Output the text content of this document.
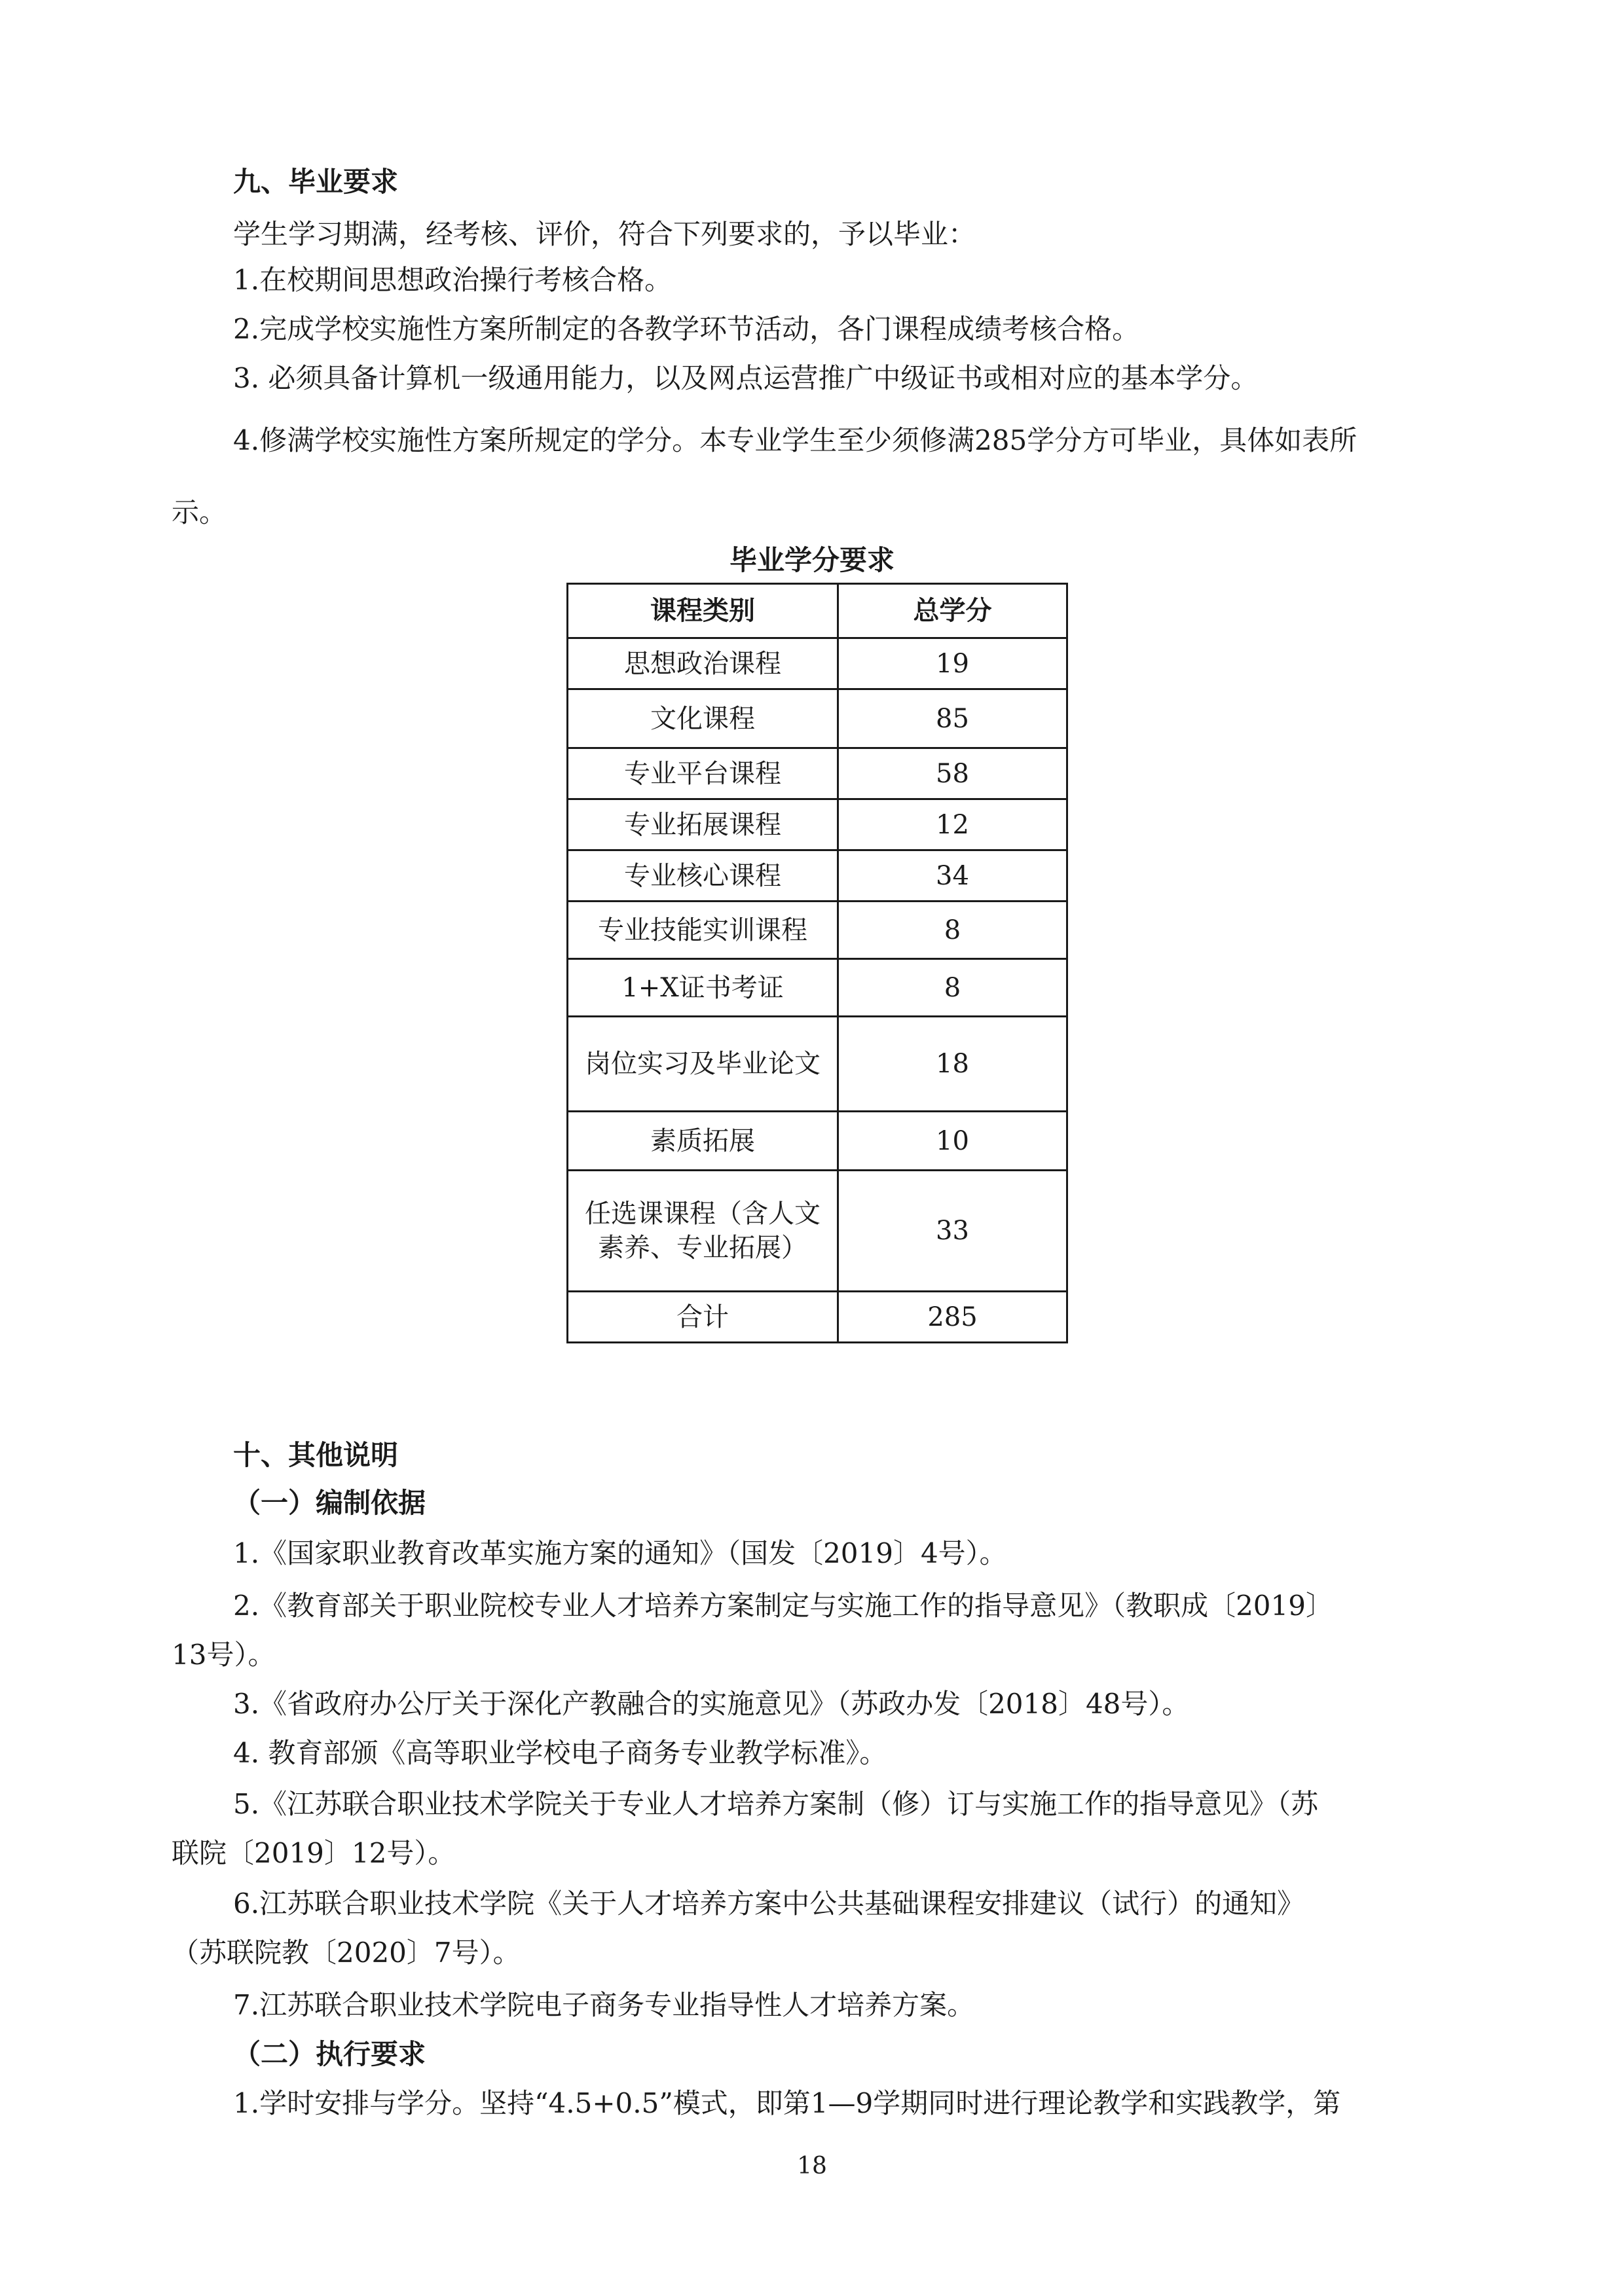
九、毕业要求
学生学习期满，经考核、评价，符合下列要求的，予以毕业：
1.在校期间思想政治操行考核合格。
2.完成学校实施性方案所制定的各教学环节活动，各门课程成绩考核合格。
3. 必须具备计算机一级通用能力，以及网点运营推广中级证书或相对应的基本学分。
4.修满学校实施性方案所规定的学分。本专业学生至少须修满285学分方可毕业，具体如表所
示。
毕业学分要求
课程类别	总学分
思想政治课程	19
文化课程	85
专业平台课程	58
专业拓展课程	12
专业核心课程	34
专业技能实训课程	8
1+X证书考证	8
岗位实习及毕业论文	18
素质拓展	10
任选课课程（含人文素养、专业拓展）	33
合计	285
十、其他说明
（一）编制依据
1.《国家职业教育改革实施方案的通知》（国发〔2019〕4号）。
2.《教育部关于职业院校专业人才培养方案制定与实施工作的指导意见》（教职成〔2019〕
13号）。
3.《省政府办公厅关于深化产教融合的实施意见》（苏政办发〔2018〕48号）。
4. 教育部颁《高等职业学校电子商务专业教学标准》。
5.《江苏联合职业技术学院关于专业人才培养方案制（修）订与实施工作的指导意见》（苏
联院〔2019〕12号）。
6.江苏联合职业技术学院《关于人才培养方案中公共基础课程安排建议（试行）的通知》
（苏联院教〔2020〕7号）。
7.江苏联合职业技术学院电子商务专业指导性人才培养方案。
（二）执行要求
1.学时安排与学分。坚持“4.5+0.5”模式，即第1—9学期同时进行理论教学和实践教学，第
18
